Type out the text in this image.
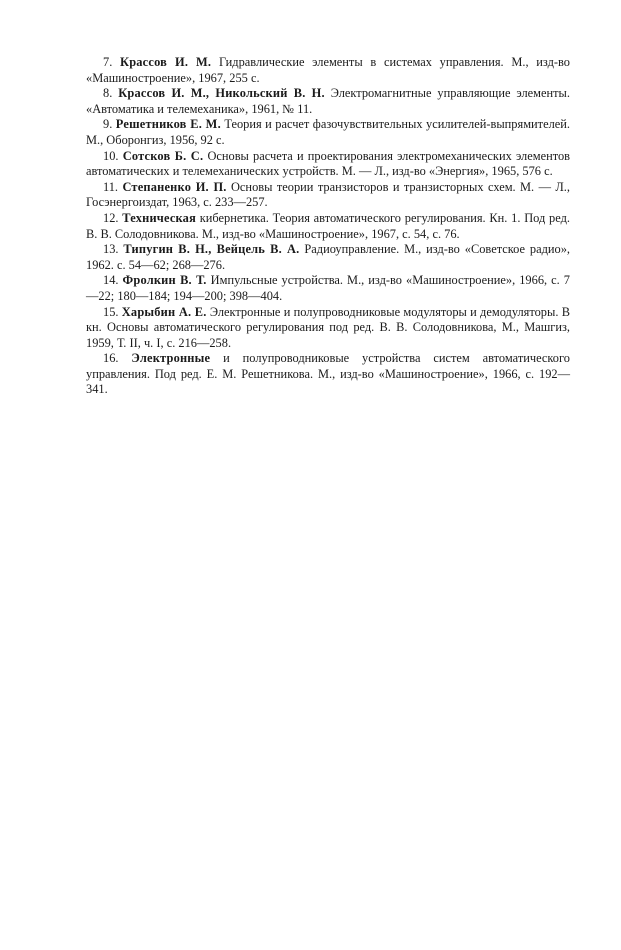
7. Крассов И. М. Гидравлические элементы в системах управления. М., изд-во «Машиностроение», 1967, 255 с.

8. Крассов И. М., Никольский В. Н. Электромагнитные управляющие элементы. «Автоматика и телемеханика», 1961, № 11.

9. Решетников Е. М. Теория и расчет фазочувствительных усилителей-выпрямителей. М., Оборонгиз, 1956, 92 с.

10. Сотсков Б. С. Основы расчета и проектирования электромеханических элементов автоматических и телемеханических устройств. М. — Л., изд-во «Энергия», 1965, 576 с.

11. Степаненко И. П. Основы теории транзисторов и транзисторных схем. М. — Л., Госэнергоиздат, 1963, с. 233—257.

12. Техническая кибернетика. Теория автоматического регулирования. Кн. 1. Под ред. В. В. Солодовникова. М., изд-во «Машиностроение», 1967, с. 54, с. 76.

13. Типугин В. Н., Вейцель В. А. Радиоуправление. М., изд-во «Советское радио», 1962. с. 54—62; 268—276.

14. Фролкин В. Т. Импульсные устройства. М., изд-во «Машиностроение», 1966, с. 7—22; 180—184; 194—200; 398—404.

15. Харыбин А. Е. Электронные и полупроводниковые модуляторы и демодуляторы. В кн. Основы автоматического регулирования под ред. В. В. Солодовникова, М., Машгиз, 1959, Т. II, ч. I, с. 216—258.

16. Электронные и полупроводниковые устройства систем автоматического управления. Под ред. Е. М. Решетникова. М., изд-во «Машиностроение», 1966, с. 192—341.
